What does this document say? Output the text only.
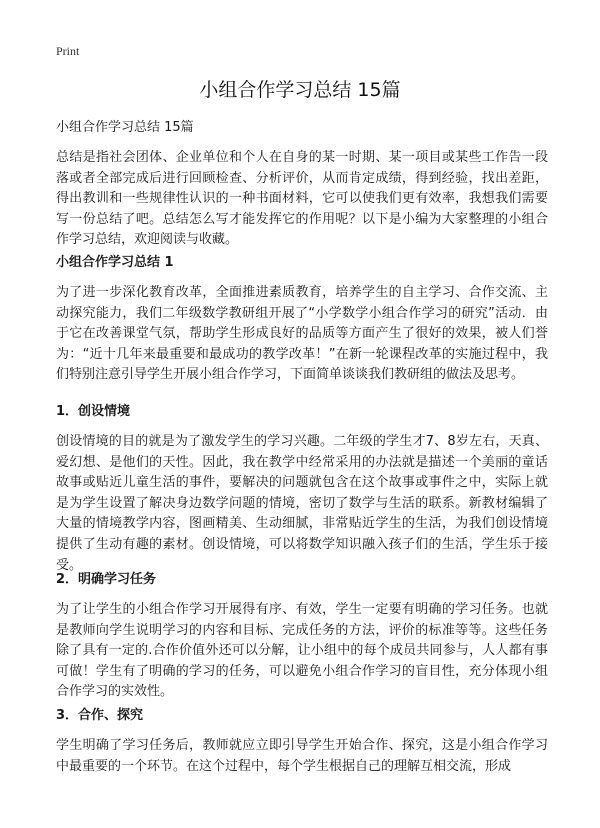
Print
小组合作学习总结 15篇
小组合作学习总结 15篇

总结是指社会团体、企业单位和个人在自身的某一时期、某一项目或某些工作告一段落或者全部完成后进行回顾检查、分析评价，从而肯定成绩，得到经验，找出差距，得出教训和一些规律性认识的一种书面材料，它可以使我们更有效率，我想我们需要写一份总结了吧。总结怎么写才能发挥它的作用呢？以下是小编为大家整理的小组合作学习总结，欢迎阅读与收藏。

小组合作学习总结 1

为了进一步深化教育改革，全面推进素质教育，培养学生的自主学习、合作交流、主动探究能力，我们二年级数学教研组开展了“小学数学小组合作学习的研究”活动．由于它在改善课堂气氛，帮助学生形成良好的品质等方面产生了很好的效果，被人们誉为：“近十几年来最重要和最成功的教学改革！”在新一轮课程改革的实施过程中，我们特别注意引导学生开展小组合作学习，下面简单谈谈我们教研组的做法及思考。

1．创设情境

创设情境的目的就是为了激发学生的学习兴趣。二年级的学生才7、8岁左右，天真、爱幻想、是他们的天性。因此，我在教学中经常采用的办法就是描述一个美丽的童话故事或贴近儿童生活的事件，要解决的问题就包含在这个故事或事件之中，实际上就是为学生设置了解决身边数学问题的情境，密切了数学与生活的联系。新教材编辑了大量的情境教学内容，图画精美、生动细腻，非常贴近学生的生活，为我们创设情境提供了生动有趣的素材。创设情境，可以将数学知识融入孩子们的生活，学生乐于接受。

2．明确学习任务

为了让学生的小组合作学习开展得有序、有效，学生一定要有明确的学习任务。也就是教师向学生说明学习的内容和目标、完成任务的方法，评价的标准等等。这些任务除了具有一定的.合作价值外还可以分解，让小组中的每个成员共同参与，人人都有事可做！学生有了明确的学习的任务，可以避免小组合作学习的盲目性，充分体现小组合作学习的实效性。

3．合作、探究

学生明确了学习任务后，教师就应立即引导学生开始合作、探究，这是小组合作学习中最重要的一个环节。在这个过程中，每个学生根据自己的理解互相交流，形成
